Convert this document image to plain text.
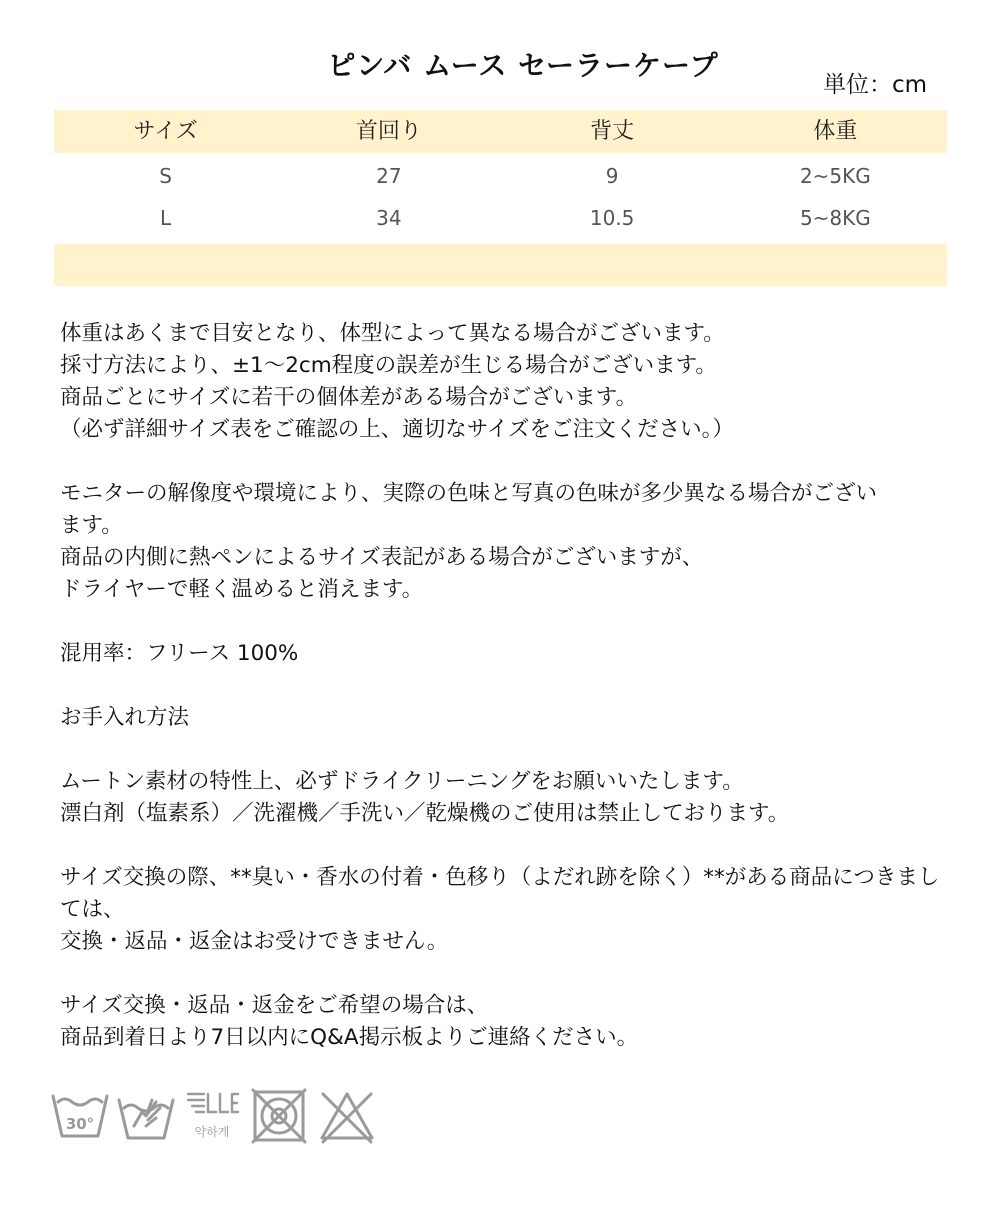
ピンバ ムース セーラーケープ
単位：cm
サイズ	首回り	背丈	体重
S	27	9	2~5KG
L	34	10.5	5~8KG

体重はあくまで目安となり、体型によって異なる場合がございます。

採寸方法により、±1～2cm程度の誤差が生じる場合がございます。

商品ごとにサイズに若干の個体差がある場合がございます。

（必ず詳細サイズ表をご確認の上、適切なサイズをご注文ください。）

モニターの解像度や環境により、実際の色味と写真の色味が多少異なる場合がござい

ます。

商品の内側に熱ペンによるサイズ表記がある場合がございますが、

ドライヤーで軽く温めると消えます。

混用率：フリース 100%

お手入れ方法

ムートン素材の特性上、必ずドライクリーニングをお願いいたします。

漂白剤（塩素系）／洗濯機／手洗い／乾燥機のご使用は禁止しております。

サイズ交換の際、**臭い・香水の付着・色移り（よだれ跡を除く）**がある商品につきまし

ては、

交換・返品・返金はお受けできません。

サイズ交換・返品・返金をご希望の場合は、

商品到着日より7日以内にQ&A掲示板よりご連絡ください。

30°	약하게
